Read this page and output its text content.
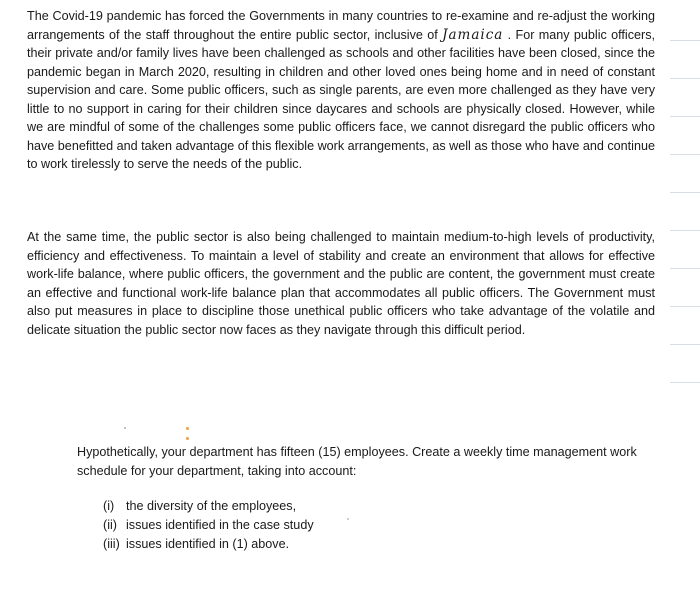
The Covid-19 pandemic has forced the Governments in many countries to re-examine and re-adjust the working arrangements of the staff throughout the entire public sector, inclusive of Jamaica . For many public officers, their private and/or family lives have been challenged as schools and other facilities have been closed, since the pandemic began in March 2020, resulting in children and other loved ones being home and in need of constant supervision and care. Some public officers, such as single parents, are even more challenged as they have very little to no support in caring for their children since daycares and schools are physically closed. However, while we are mindful of some of the challenges some public officers face, we cannot disregard the public officers who have benefitted and taken advantage of this flexible work arrangements, as well as those who have and continue to work tirelessly to serve the needs of the public.

At the same time, the public sector is also being challenged to maintain medium-to-high levels of productivity, efficiency and effectiveness. To maintain a level of stability and create an environment that allows for effective work-life balance, where public officers, the government and the public are content, the government must create an effective and functional work-life balance plan that accommodates all public officers. The Government must also put measures in place to discipline those unethical public officers who take advantage of the volatile and delicate situation the public sector now faces as they navigate through this difficult period.

Hypothetically, your department has fifteen (15) employees. Create a weekly time management work schedule for your department, taking into account:

(i) the diversity of the employees,
(ii) issues identified in the case studу
(iii) issues identified in (1) above.
